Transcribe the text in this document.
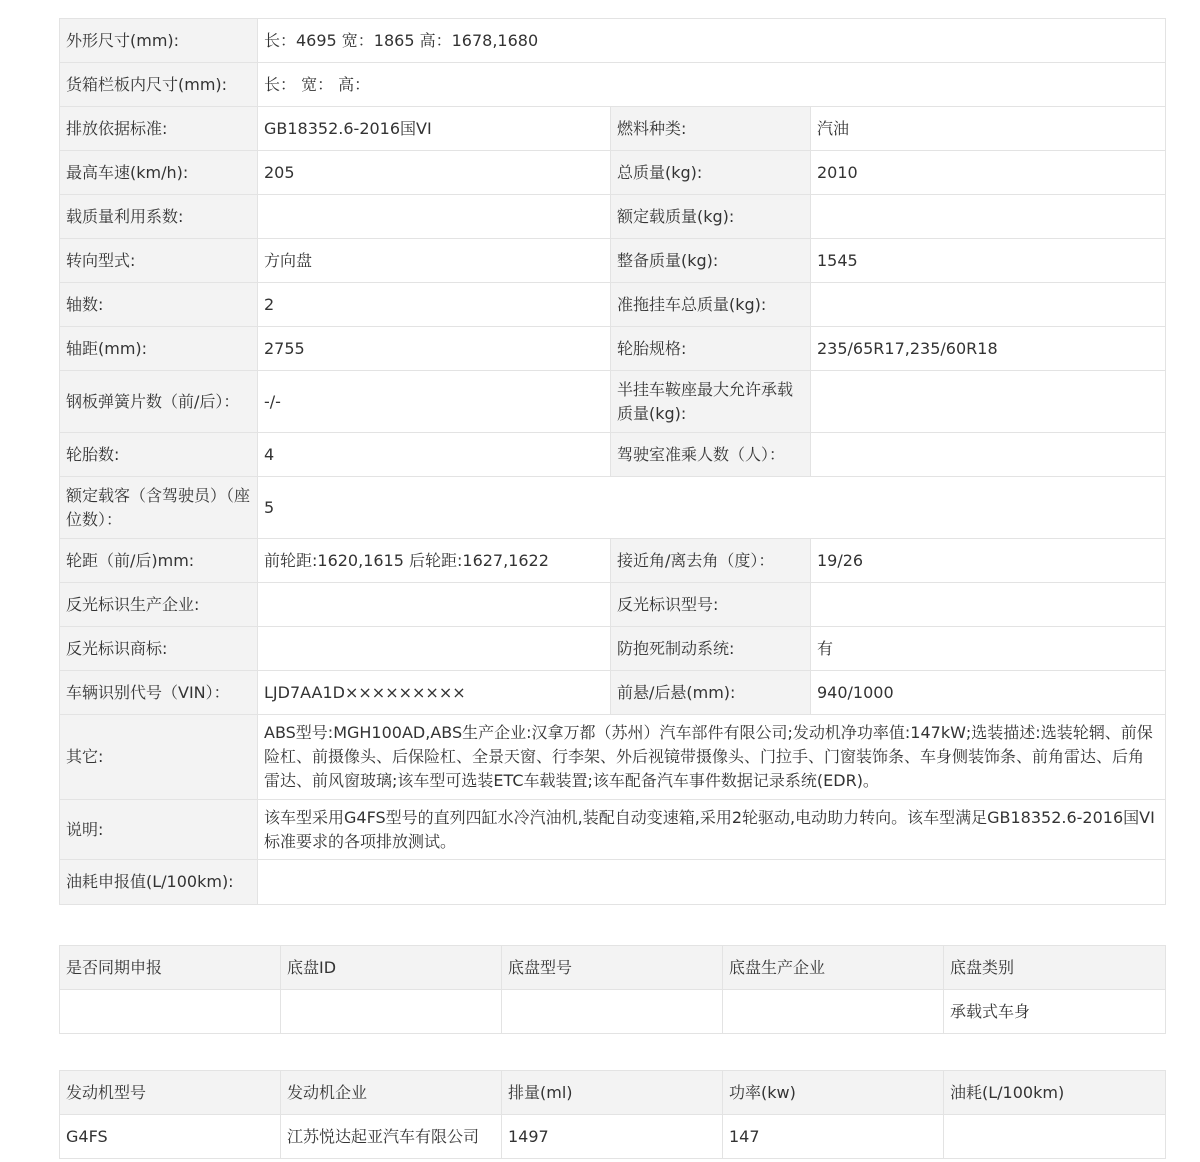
外形尺寸(mm):	长：4695 宽：1865 高：1678,1680		
货箱栏板内尺寸(mm):	长： 宽： 高：		
排放依据标准:	GB18352.6-2016国VI	燃料种类:	汽油
最高车速(km/h):	205	总质量(kg):	2010
载质量利用系数:		额定载质量(kg):	
转向型式:	方向盘	整备质量(kg):	1545
轴数:	2	准拖挂车总质量(kg):	
轴距(mm):	2755	轮胎规格:	235/65R17,235/60R18
钢板弹簧片数（前/后）：	-/-	半挂车鞍座最大允许承载质量(kg):	
轮胎数:	4	驾驶室准乘人数（人）：	
额定载客（含驾驶员）（座位数）：	5		
轮距（前/后)mm:	前轮距:1620,1615 后轮距:1627,1622	接近角/离去角（度）：	19/26
反光标识生产企业:		反光标识型号:	
反光标识商标:		防抱死制动系统:	有
车辆识别代号（VIN）：	LJD7AA1D×××××××××	前悬/后悬(mm):	940/1000
其它:	ABS型号:MGH100AD,ABS生产企业:汉拿万都（苏州）汽车部件有限公司;发动机净功率值:147kW;选装描述:选装轮辋、前保险杠、前摄像头、后保险杠、全景天窗、行李架、外后视镜带摄像头、门拉手、门窗装饰条、车身侧装饰条、前角雷达、后角雷达、前风窗玻璃;该车型可选装ETC车载装置;该车配备汽车事件数据记录系统(EDR)。		
说明:	该车型采用G4FS型号的直列四缸水冷汽油机,装配自动变速箱,采用2轮驱动,电动助力转向。该车型满足GB18352.6-2016国VI标准要求的各项排放测试。		
油耗申报值(L/100km):			
是否同期申报	底盘ID	底盘型号	底盘生产企业	底盘类别
				承载式车身
发动机型号	发动机企业	排量(ml)	功率(kw)	油耗(L/100km)
G4FS	江苏悦达起亚汽车有限公司	1497	147	
